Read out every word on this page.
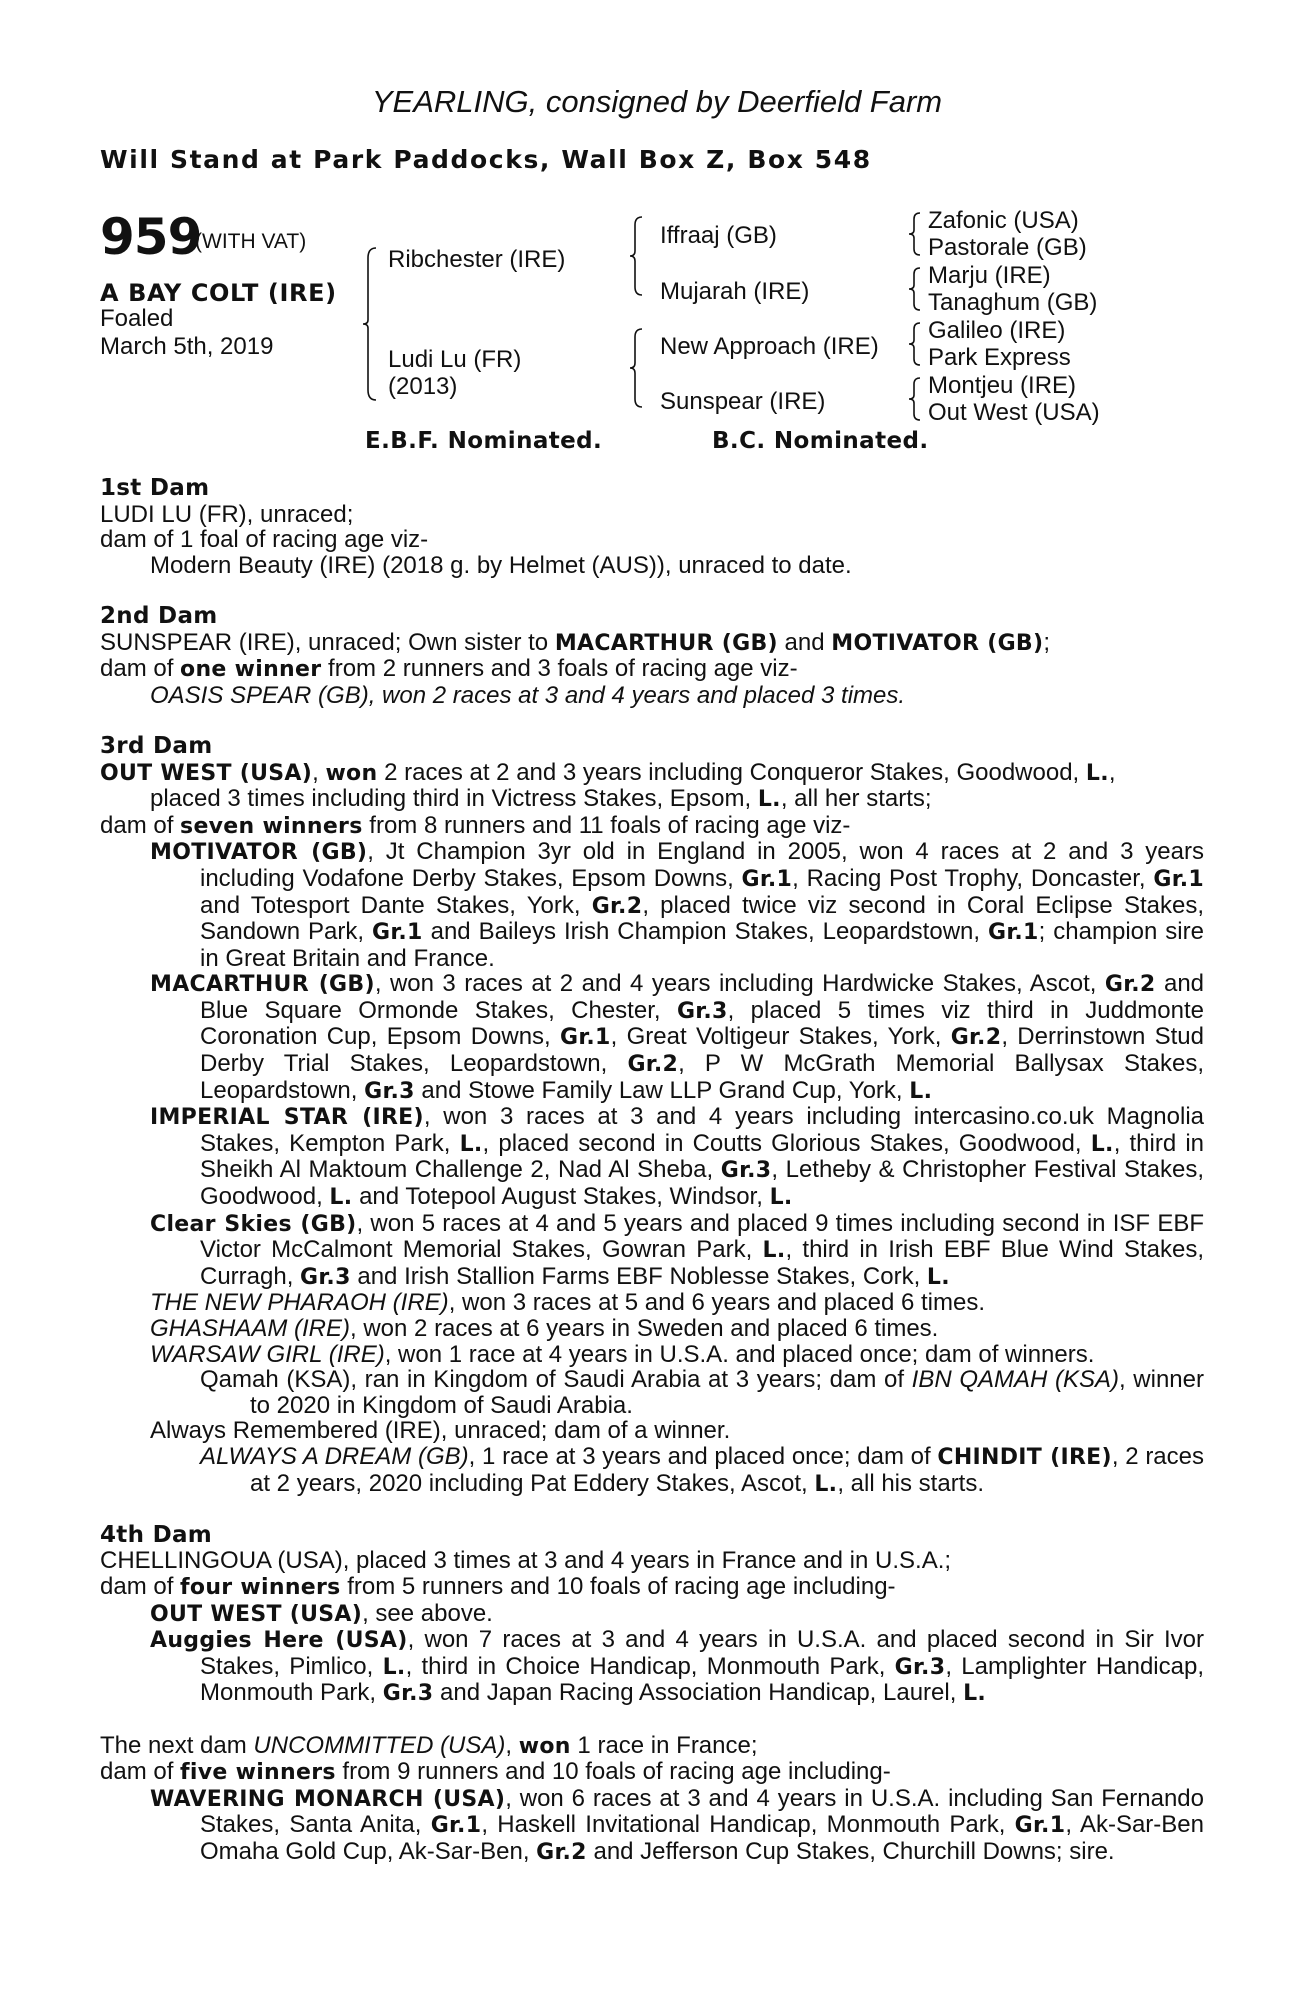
YEARLING, consigned by Deerfield Farm
Will Stand at Park Paddocks, Wall Box Z, Box 548
959
(WITH VAT)
A BAY COLT (IRE)
Foaled
March 5th, 2019
Ribchester (IRE)
Ludi Lu (FR)
(2013)
Iffraaj (GB)
Mujarah (IRE)
New Approach (IRE)
Sunspear (IRE)
Zafonic (USA)
Pastorale (GB)
Marju (IRE)
Tanaghum (GB)
Galileo (IRE)
Park Express
Montjeu (IRE)
Out West (USA)
E.B.F. Nominated.	B.C. Nominated.

1st Dam

LUDI LU (FR), unraced;

dam of 1 foal of racing age viz-

Modern Beauty (IRE) (2018 g. by Helmet (AUS)), unraced to date.

2nd Dam

SUNSPEAR (IRE), unraced; Own sister to MACARTHUR (GB) and MOTIVATOR (GB);

dam of one winner from 2 runners and 3 foals of racing age viz-

OASIS SPEAR (GB), won 2 races at 3 and 4 years and placed 3 times.

3rd Dam

OUT WEST (USA), won 2 races at 2 and 3 years including Conqueror Stakes, Goodwood, L.,

placed 3 times including third in Victress Stakes, Epsom, L., all her starts;

dam of seven winners from 8 runners and 11 foals of racing age viz-

MOTIVATOR (GB), Jt Champion 3yr old in England in 2005, won 4 races at 2 and 3 years including Vodafone Derby Stakes, Epsom Downs, Gr.1, Racing Post Trophy, Doncaster, Gr.1 and Totesport Dante Stakes, York, Gr.2, placed twice viz second in Coral Eclipse Stakes, Sandown Park, Gr.1 and Baileys Irish Champion Stakes, Leopardstown, Gr.1; champion sire in Great Britain and France.

MACARTHUR (GB), won 3 races at 2 and 4 years including Hardwicke Stakes, Ascot, Gr.2 and Blue Square Ormonde Stakes, Chester, Gr.3, placed 5 times viz third in Juddmonte Coronation Cup, Epsom Downs, Gr.1, Great Voltigeur Stakes, York, Gr.2, Derrinstown Stud Derby Trial Stakes, Leopardstown, Gr.2, P W McGrath Memorial Ballysax Stakes, Leopardstown, Gr.3 and Stowe Family Law LLP Grand Cup, York, L.

IMPERIAL STAR (IRE), won 3 races at 3 and 4 years including intercasino.co.uk Magnolia Stakes, Kempton Park, L., placed second in Coutts Glorious Stakes, Goodwood, L., third in Sheikh Al Maktoum Challenge 2, Nad Al Sheba, Gr.3, Letheby & Christopher Festival Stakes, Goodwood, L. and Totepool August Stakes, Windsor, L.

Clear Skies (GB), won 5 races at 4 and 5 years and placed 9 times including second in ISF EBF Victor McCalmont Memorial Stakes, Gowran Park, L., third in Irish EBF Blue Wind Stakes, Curragh, Gr.3 and Irish Stallion Farms EBF Noblesse Stakes, Cork, L.

THE NEW PHARAOH (IRE), won 3 races at 5 and 6 years and placed 6 times.

GHASHAAM (IRE), won 2 races at 6 years in Sweden and placed 6 times.

WARSAW GIRL (IRE), won 1 race at 4 years in U.S.A. and placed once; dam of winners.

Qamah (KSA), ran in Kingdom of Saudi Arabia at 3 years; dam of IBN QAMAH (KSA), winner to 2020 in Kingdom of Saudi Arabia.

Always Remembered (IRE), unraced; dam of a winner.

ALWAYS A DREAM (GB), 1 race at 3 years and placed once; dam of CHINDIT (IRE), 2 races at 2 years, 2020 including Pat Eddery Stakes, Ascot, L., all his starts.

4th Dam

CHELLINGOUA (USA), placed 3 times at 3 and 4 years in France and in U.S.A.;

dam of four winners from 5 runners and 10 foals of racing age including-

OUT WEST (USA), see above.

Auggies Here (USA), won 7 races at 3 and 4 years in U.S.A. and placed second in Sir Ivor Stakes, Pimlico, L., third in Choice Handicap, Monmouth Park, Gr.3, Lamplighter Handicap, Monmouth Park, Gr.3 and Japan Racing Association Handicap, Laurel, L.

The next dam UNCOMMITTED (USA), won 1 race in France;

dam of five winners from 9 runners and 10 foals of racing age including-

WAVERING MONARCH (USA), won 6 races at 3 and 4 years in U.S.A. including San Fernando Stakes, Santa Anita, Gr.1, Haskell Invitational Handicap, Monmouth Park, Gr.1, Ak-Sar-Ben Omaha Gold Cup, Ak-Sar-Ben, Gr.2 and Jefferson Cup Stakes, Churchill Downs; sire.
